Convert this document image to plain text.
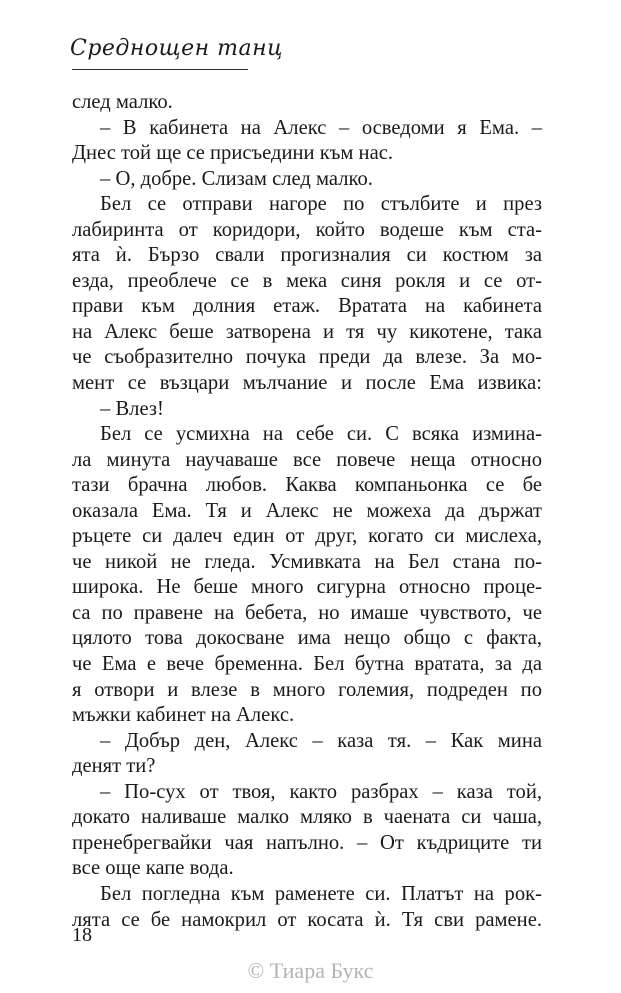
Среднощен танц
след малко.
– В кабинета на Алекс – осведоми я Ема. –
Днес той ще се присъедини към нас.
– О, добре. Слизам след малко.
Бел се отправи нагоре по стълбите и през
лабиринта от коридори, който водеше към ста-
ята ѝ. Бързо свали прогизналия си костюм за
езда, преоблече се в мека синя рокля и се от-
прави към долния етаж. Вратата на кабинета
на Алекс беше затворена и тя чу кикотене, така
че съобразително почука преди да влезе. За мо-
мент се възцари мълчание и после Ема извика:
– Влез!
Бел се усмихна на себе си. С всяка измина-
ла минута научаваше все повече неща относно
тази брачна любов. Каква компаньонка се бе
оказала Ема. Тя и Алекс не можеха да държат
ръцете си далеч един от друг, когато си мислеха,
че никой не гледа. Усмивката на Бел стана по-
широка. Не беше много сигурна относно проце-
са по правене на бебета, но имаше чувството, че
цялото това докосване има нещо общо с факта,
че Ема е вече бременна. Бел бутна вратата, за да
я отвори и влезе в много големия, подреден по
мъжки кабинет на Алекс.
– Добър ден, Алекс – каза тя. – Как мина
денят ти?
– По-сух от твоя, както разбрах – каза той,
докато наливаше малко мляко в чаената си чаша,
пренебрегвайки чая напълно. – От къдриците ти
все още капе вода.
Бел погледна към раменете си. Платът на рок-
лята се бе намокрил от косата ѝ. Тя сви рамене.
18
© Тиара Букс
